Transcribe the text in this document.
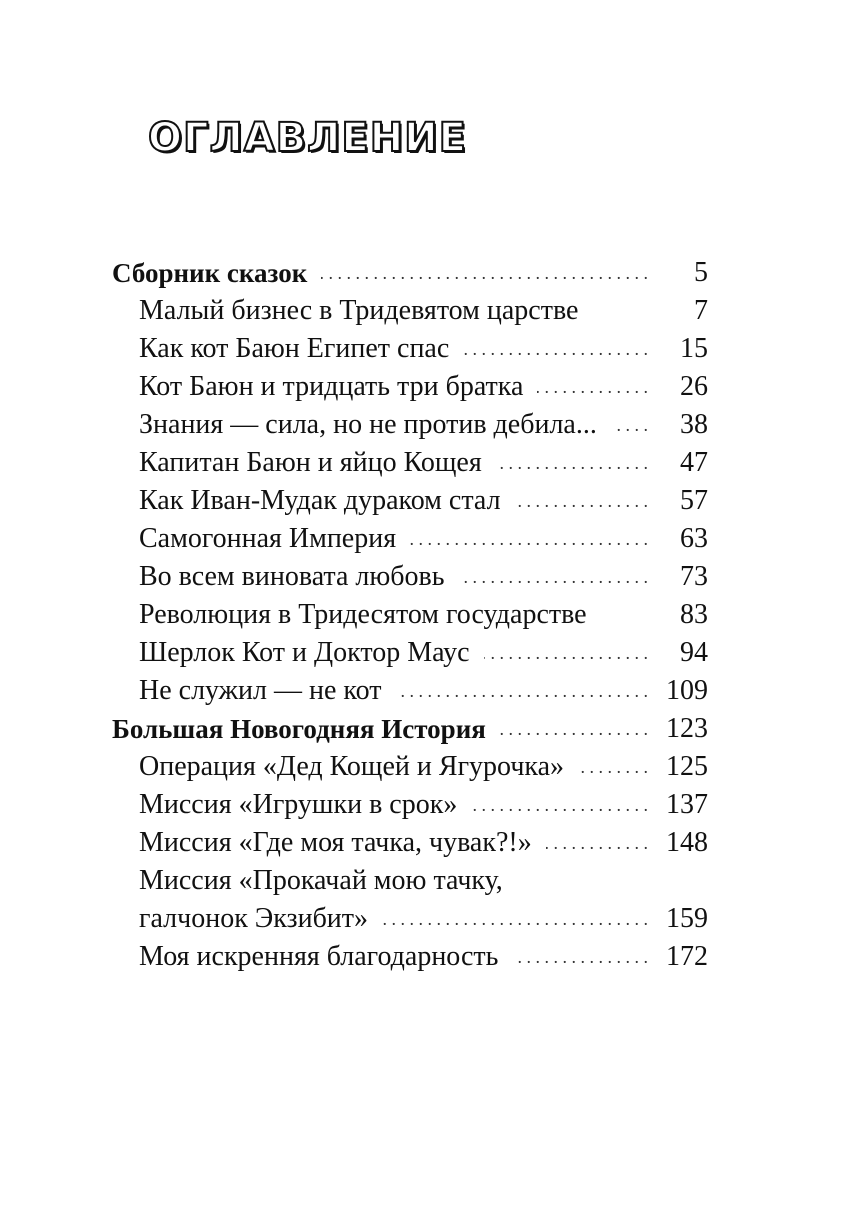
ОГЛАВЛЕНИЕ
. . .
Сборник сказок	5
Малый бизнес в Тридевятом царстве	7
. . .
Как кот Баюн Египет спас	15
. . .
Кот Баюн и тридцать три братка	26
. . .
Знания — сила, но не против дебила...	38
. . .
Капитан Баюн и яйцо Кощея	47
. . .
Как Иван-Мудак дураком стал	57
. . .
Самогонная Империя	63
. . .
Во всем виновата любовь	73
Революция в Тридесятом государстве	83
. . .
Шерлок Кот и Доктор Маус	94
. . .
Не служил — не кот	109
. . .
Большая Новогодняя История	123
. . .
Операция «Дед Кощей и Ягурочка»	125
. . .
Миссия «Игрушки в срок»	137
. . .
Миссия «Где моя тачка, чувак?!»	148
Миссия «Прокачай мою тачку,
. . .
галчонок Экзибит»	159
. . .
Моя искренняя благодарность	172
